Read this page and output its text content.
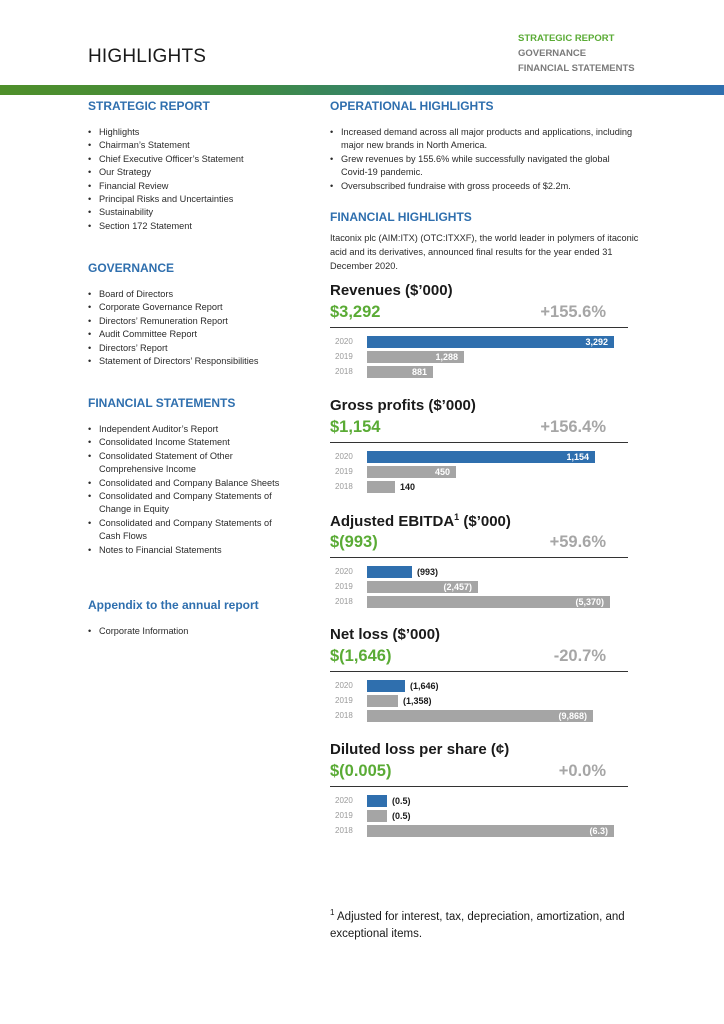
HIGHLIGHTS
STRATEGIC REPORT
GOVERNANCE
FINANCIAL STATEMENTS
STRATEGIC REPORT
• Highlights
• Chairman’s Statement
• Chief Executive Officer’s Statement
• Our Strategy
• Financial Review
• Principal Risks and Uncertainties
• Sustainability
• Section 172 Statement
GOVERNANCE
• Board of Directors
• Corporate Governance Report
• Directors’ Remuneration Report
• Audit Committee Report
• Directors’ Report
• Statement of Directors’ Responsibilities
FINANCIAL STATEMENTS
• Independent Auditor’s Report
• Consolidated Income Statement
• Consolidated Statement of Other Comprehensive Income
• Consolidated and Company Balance Sheets
• Consolidated and Company Statements of Change in Equity
• Consolidated and Company Statements of Cash Flows
• Notes to Financial Statements
Appendix to the annual report
• Corporate Information
OPERATIONAL HIGHLIGHTS
• Increased demand across all major products and applications, including major new brands in North America.
• Grew revenues by 155.6% while successfully navigated the global Covid-19 pandemic.
• Oversubscribed fundraise with gross proceeds of $2.2m.
FINANCIAL HIGHLIGHTS
Itaconix plc (AIM:ITX) (OTC:ITXXF), the world leader in polymers of itaconic acid and its derivatives, announced final results for the year ended 31 December 2020.
Revenues ($’000)
$3,292	+155.6%
2020	3,292
2019	1,288
2018	881
Gross profits ($’000)
$1,154	+156.4%
2020	1,154
2019	450
2018	140
Adjusted EBITDA$^1$ ($’000)
$(993)	+59.6%
2020	(993)
2019	(2,457)
2018	(5,370)
Net loss ($’000)
$(1,646)	-20.7%
2020	(1,646)
2019	(1,358)
2018	(9,868)
Diluted loss per share (¢)
$(0.005)	+0.0%
2020	(0.5)
2019	(0.5)
2018	(6.3)
$^1$ Adjusted for interest, tax, depreciation, amortization, and exceptional items.
